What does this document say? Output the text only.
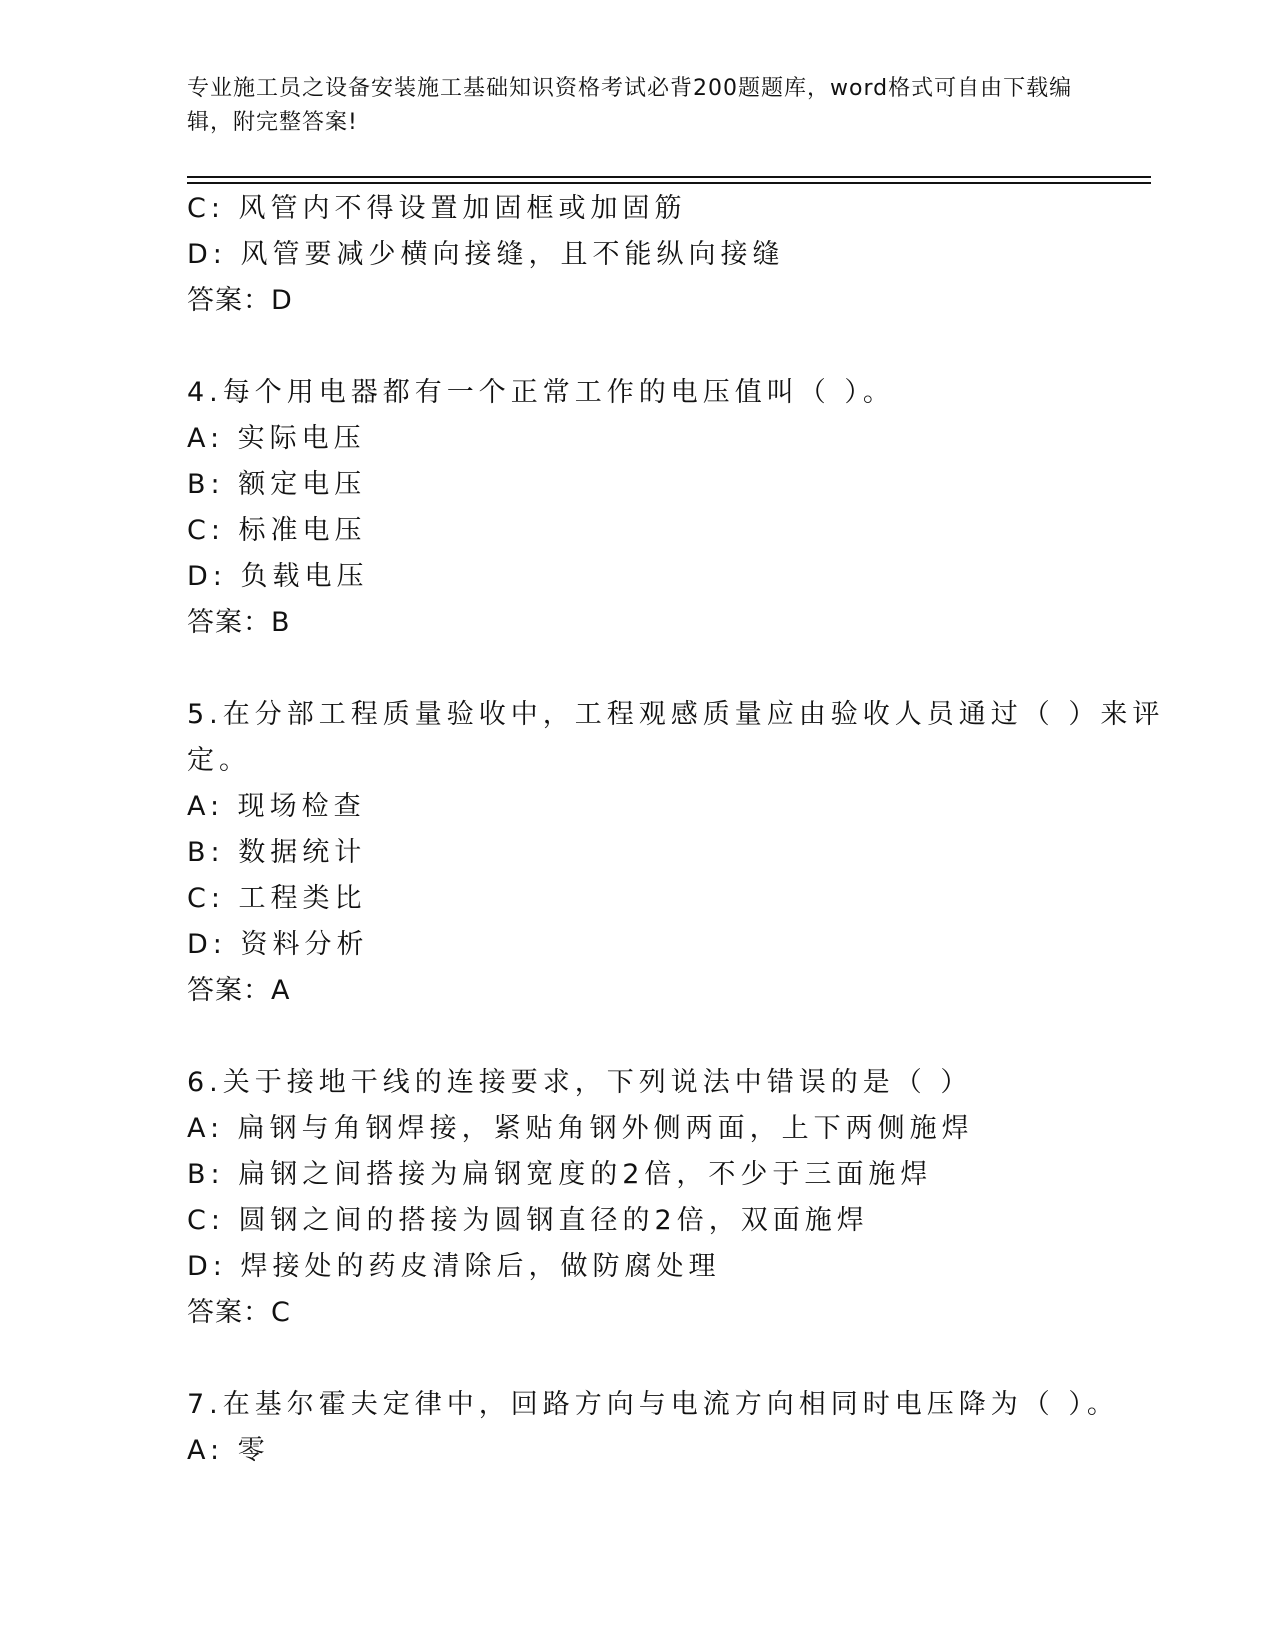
专业施工员之设备安装施工基础知识资格考试必背200题题库，word格式可自由下载编辑，附完整答案!
C: 风管内不得设置加固框或加固筋
D: 风管要减少横向接缝，且不能纵向接缝
答案：D
4.每个用电器都有一个正常工作的电压值叫（ ）。
A: 实际电压
B: 额定电压
C: 标准电压
D: 负载电压
答案：B
5.在分部工程质量验收中，工程观感质量应由验收人员通过（ ）来评
定。
A: 现场检查
B: 数据统计
C: 工程类比
D: 资料分析
答案：A
6.关于接地干线的连接要求，下列说法中错误的是（ ）
A: 扁钢与角钢焊接，紧贴角钢外侧两面，上下两侧施焊
B: 扁钢之间搭接为扁钢宽度的2倍，不少于三面施焊
C: 圆钢之间的搭接为圆钢直径的2倍，双面施焊
D: 焊接处的药皮清除后，做防腐处理
答案：C
7.在基尔霍夫定律中，回路方向与电流方向相同时电压降为（ ）。
A: 零
